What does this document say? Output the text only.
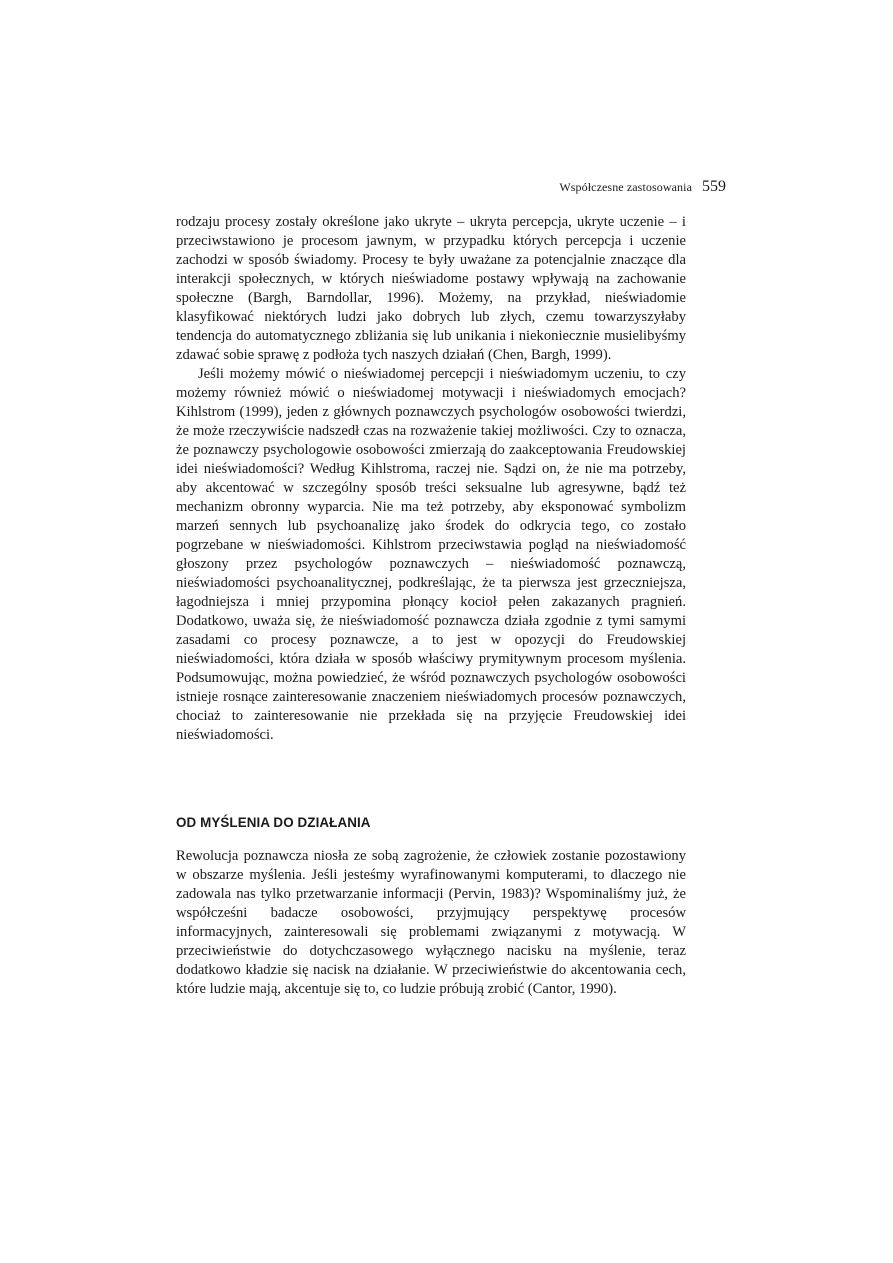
Współczesne zastosowania 559

rodzaju procesy zostały określone jako ukryte – ukryta percepcja, ukryte uczenie – i przeciwstawiono je procesom jawnym, w przypadku których percepcja i uczenie zachodzi w sposób świadomy. Procesy te były uważane za potencjalnie znaczące dla interakcji społecznych, w których nieświadome postawy wpływają na zachowanie społeczne (Bargh, Barndollar, 1996). Możemy, na przykład, nieświadomie klasyfikować niektórych ludzi jako dobrych lub złych, czemu towarzyszyłaby tendencja do automatycznego zbliżania się lub unikania i niekoniecznie musielibyśmy zdawać sobie sprawę z podłoża tych naszych działań (Chen, Bargh, 1999).

Jeśli możemy mówić o nieświadomej percepcji i nieświadomym uczeniu, to czy możemy również mówić o nieświadomej motywacji i nieświadomych emocjach? Kihlstrom (1999), jeden z głównych poznawczych psychologów osobowości twierdzi, że może rzeczywiście nadszedł czas na rozważenie takiej możliwości. Czy to oznacza, że poznawczy psychologowie osobowości zmierzają do zaakceptowania Freudowskiej idei nieświadomości? Według Kihlstroma, raczej nie. Sądzi on, że nie ma potrzeby, aby akcentować w szczególny sposób treści seksualne lub agresywne, bądź też mechanizm obronny wyparcia. Nie ma też potrzeby, aby eksponować symbolizm marzeń sennych lub psychoanalizę jako środek do odkrycia tego, co zostało pogrzebane w nieświadomości. Kihlstrom przeciwstawia pogląd na nieświadomość głoszony przez psychologów poznawczych – nieświadomość poznawczą, nieświadomości psychoanalitycznej, podkreślając, że ta pierwsza jest grzeczniejsza, łagodniejsza i mniej przypomina płonący kocioł pełen zakazanych pragnień. Dodatkowo, uważa się, że nieświadomość poznawcza działa zgodnie z tymi samymi zasadami co procesy poznawcze, a to jest w opozycji do Freudowskiej nieświadomości, która działa w sposób właściwy prymitywnym procesom myślenia. Podsumowując, można powiedzieć, że wśród poznawczych psychologów osobowości istnieje rosnące zainteresowanie znaczeniem nieświadomych procesów poznawczych, chociaż to zainteresowanie nie przekłada się na przyjęcie Freudowskiej idei nieświadomości.

OD MYŚLENIA DO DZIAŁANIA

Rewolucja poznawcza niosła ze sobą zagrożenie, że człowiek zostanie pozostawiony w obszarze myślenia. Jeśli jesteśmy wyrafinowanymi komputerami, to dlaczego nie zadowala nas tylko przetwarzanie informacji (Pervin, 1983)? Wspominaliśmy już, że współcześni badacze osobowości, przyjmujący perspektywę procesów informacyjnych, zainteresowali się problemami związanymi z motywacją. W przeciwieństwie do dotychczasowego wyłącznego nacisku na myślenie, teraz dodatkowo kładzie się nacisk na działanie. W przeciwieństwie do akcentowania cech, które ludzie mają, akcentuje się to, co ludzie próbują zrobić (Cantor, 1990).
